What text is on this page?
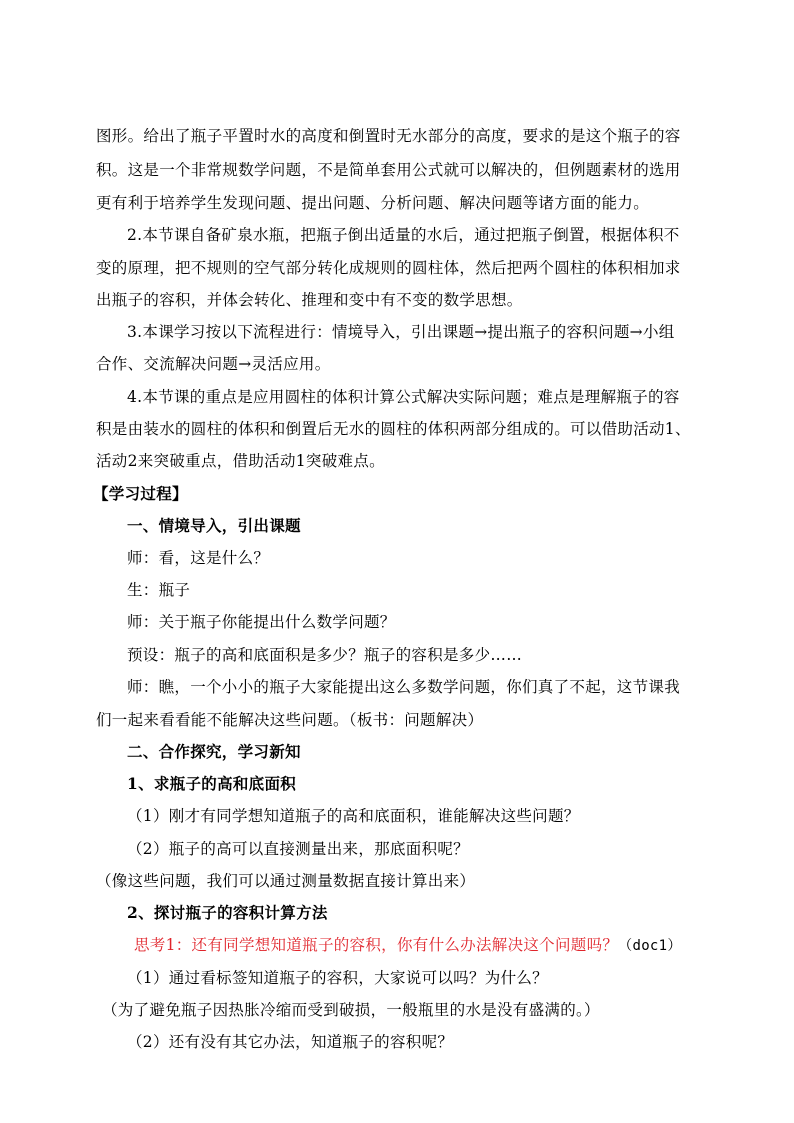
图形。给出了瓶子平置时水的高度和倒置时无水部分的高度，要求的是这个瓶子的容
积。这是一个非常规数学问题，不是简单套用公式就可以解决的，但例题素材的选用
更有利于培养学生发现问题、提出问题、分析问题、解决问题等诸方面的能力。
2.本节课自备矿泉水瓶，把瓶子倒出适量的水后，通过把瓶子倒置，根据体积不
变的原理，把不规则的空气部分转化成规则的圆柱体，然后把两个圆柱的体积相加求
出瓶子的容积，并体会转化、推理和变中有不变的数学思想。
3.本课学习按以下流程进行：情境导入，引出课题→提出瓶子的容积问题→小组
合作、交流解决问题→灵活应用。
4.本节课的重点是应用圆柱的体积计算公式解决实际问题；难点是理解瓶子的容
积是由装水的圆柱的体积和倒置后无水的圆柱的体积两部分组成的。可以借助活动1、
活动2来突破重点，借助活动1突破难点。
【学习过程】
一、情境导入，引出课题
师：看，这是什么？
生：瓶子
师：关于瓶子你能提出什么数学问题？
预设：瓶子的高和底面积是多少？瓶子的容积是多少……
师：瞧，一个小小的瓶子大家能提出这么多数学问题，你们真了不起，这节课我
们一起来看看能不能解决这些问题。（板书：问题解决）
二、合作探究，学习新知
1、求瓶子的高和底面积
（1）刚才有同学想知道瓶子的高和底面积，谁能解决这些问题？
（2）瓶子的高可以直接测量出来，那底面积呢？
（像这些问题，我们可以通过测量数据直接计算出来）
2、探讨瓶子的容积计算方法
思考1：还有同学想知道瓶子的容积，你有什么办法解决这个问题吗？（doc1）
（1）通过看标签知道瓶子的容积，大家说可以吗？为什么？
（为了避免瓶子因热胀冷缩而受到破损，一般瓶里的水是没有盛满的。）
（2）还有没有其它办法，知道瓶子的容积呢？
